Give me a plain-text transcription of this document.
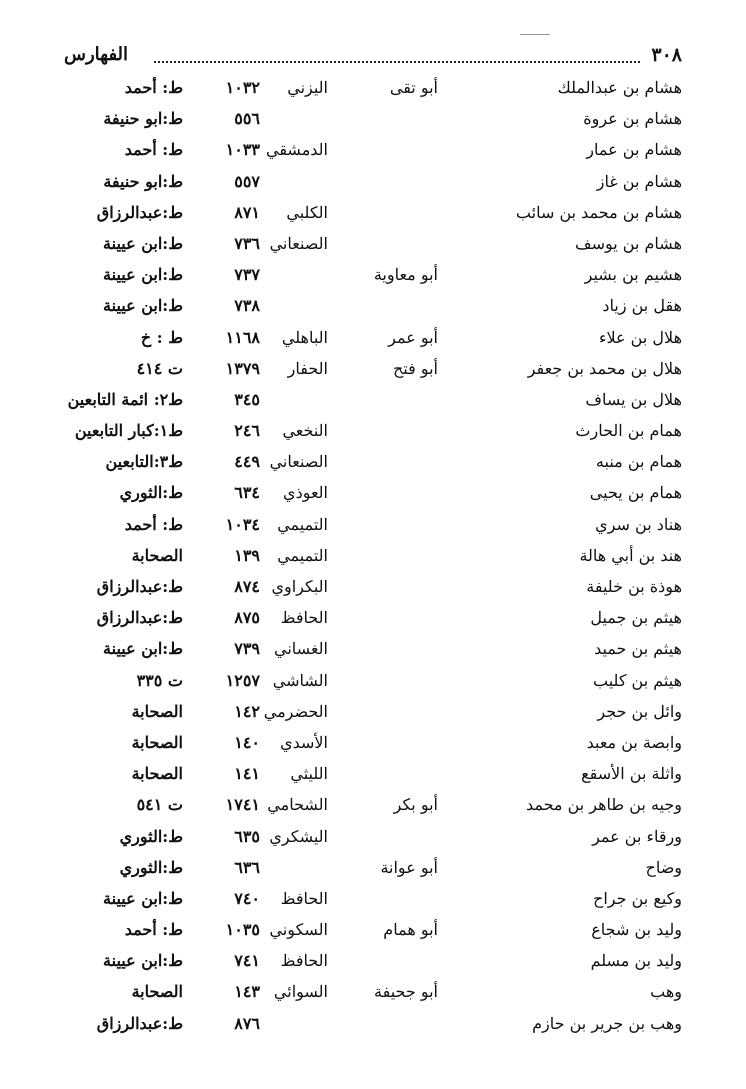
٣٠٨
الفهارس
هشام بن عبدالملك
أبو تقى
اليزني
١٠٣٢
ط: أحمد
هشام بن عروة
٥٥٦
ط:ابو حنيفة
هشام بن عمار
الدمشقي
١٠٣٣
ط: أحمد
هشام بن غاز
٥٥٧
ط:ابو حنيفة
هشام بن محمد بن سائب
الكلبي
٨٧١
ط:عبدالرزاق
هشام بن يوسف
الصنعاني
٧٣٦
ط:ابن عيينة
هشيم بن بشير
أبو معاوية
٧٣٧
ط:ابن عيينة
هقل بن زياد
٧٣٨
ط:ابن عيينة
هلال بن علاء
أبو عمر
الباهلي
١١٦٨
ط : خ
هلال بن محمد بن جعفر
أبو فتح
الحفار
١٣٧٩
ت ٤١٤
هلال بن يساف
٣٤٥
ط٢: ائمة التابعين
همام بن الحارث
النخعي
٢٤٦
ط١:كبار التابعين
همام بن منبه
الصنعاني
٤٤٩
ط٣:التابعين
همام بن يحيى
العوذي
٦٣٤
ط:الثوري
هناد بن سري
التميمي
١٠٣٤
ط: أحمد
هند بن أبي هالة
التميمي
١٣٩
الصحابة
هوذة بن خليفة
البكراوي
٨٧٤
ط:عبدالرزاق
هيثم بن جميل
الحافظ
٨٧٥
ط:عبدالرزاق
هيثم بن حميد
الغساني
٧٣٩
ط:ابن عيينة
هيثم بن كليب
الشاشي
١٢٥٧
ت ٣٣٥
وائل بن حجر
الحضرمي
١٤٢
الصحابة
وابصة بن معبد
الأسدي
١٤٠
الصحابة
واثلة بن الأسقع
الليثي
١٤١
الصحابة
وجيه بن طاهر بن محمد
أبو بكر
الشحامي
١٧٤١
ت ٥٤١
ورقاء بن عمر
اليشكري
٦٣٥
ط:الثوري
وضاح
أبو عوانة
٦٣٦
ط:الثوري
وكيع بن جراح
الحافظ
٧٤٠
ط:ابن عيينة
وليد بن شجاع
أبو همام
السكوني
١٠٣٥
ط: أحمد
وليد بن مسلم
الحافظ
٧٤١
ط:ابن عيينة
وهب
أبو جحيفة
السوائي
١٤٣
الصحابة
وهب بن جرير بن حازم
٨٧٦
ط:عبدالرزاق
